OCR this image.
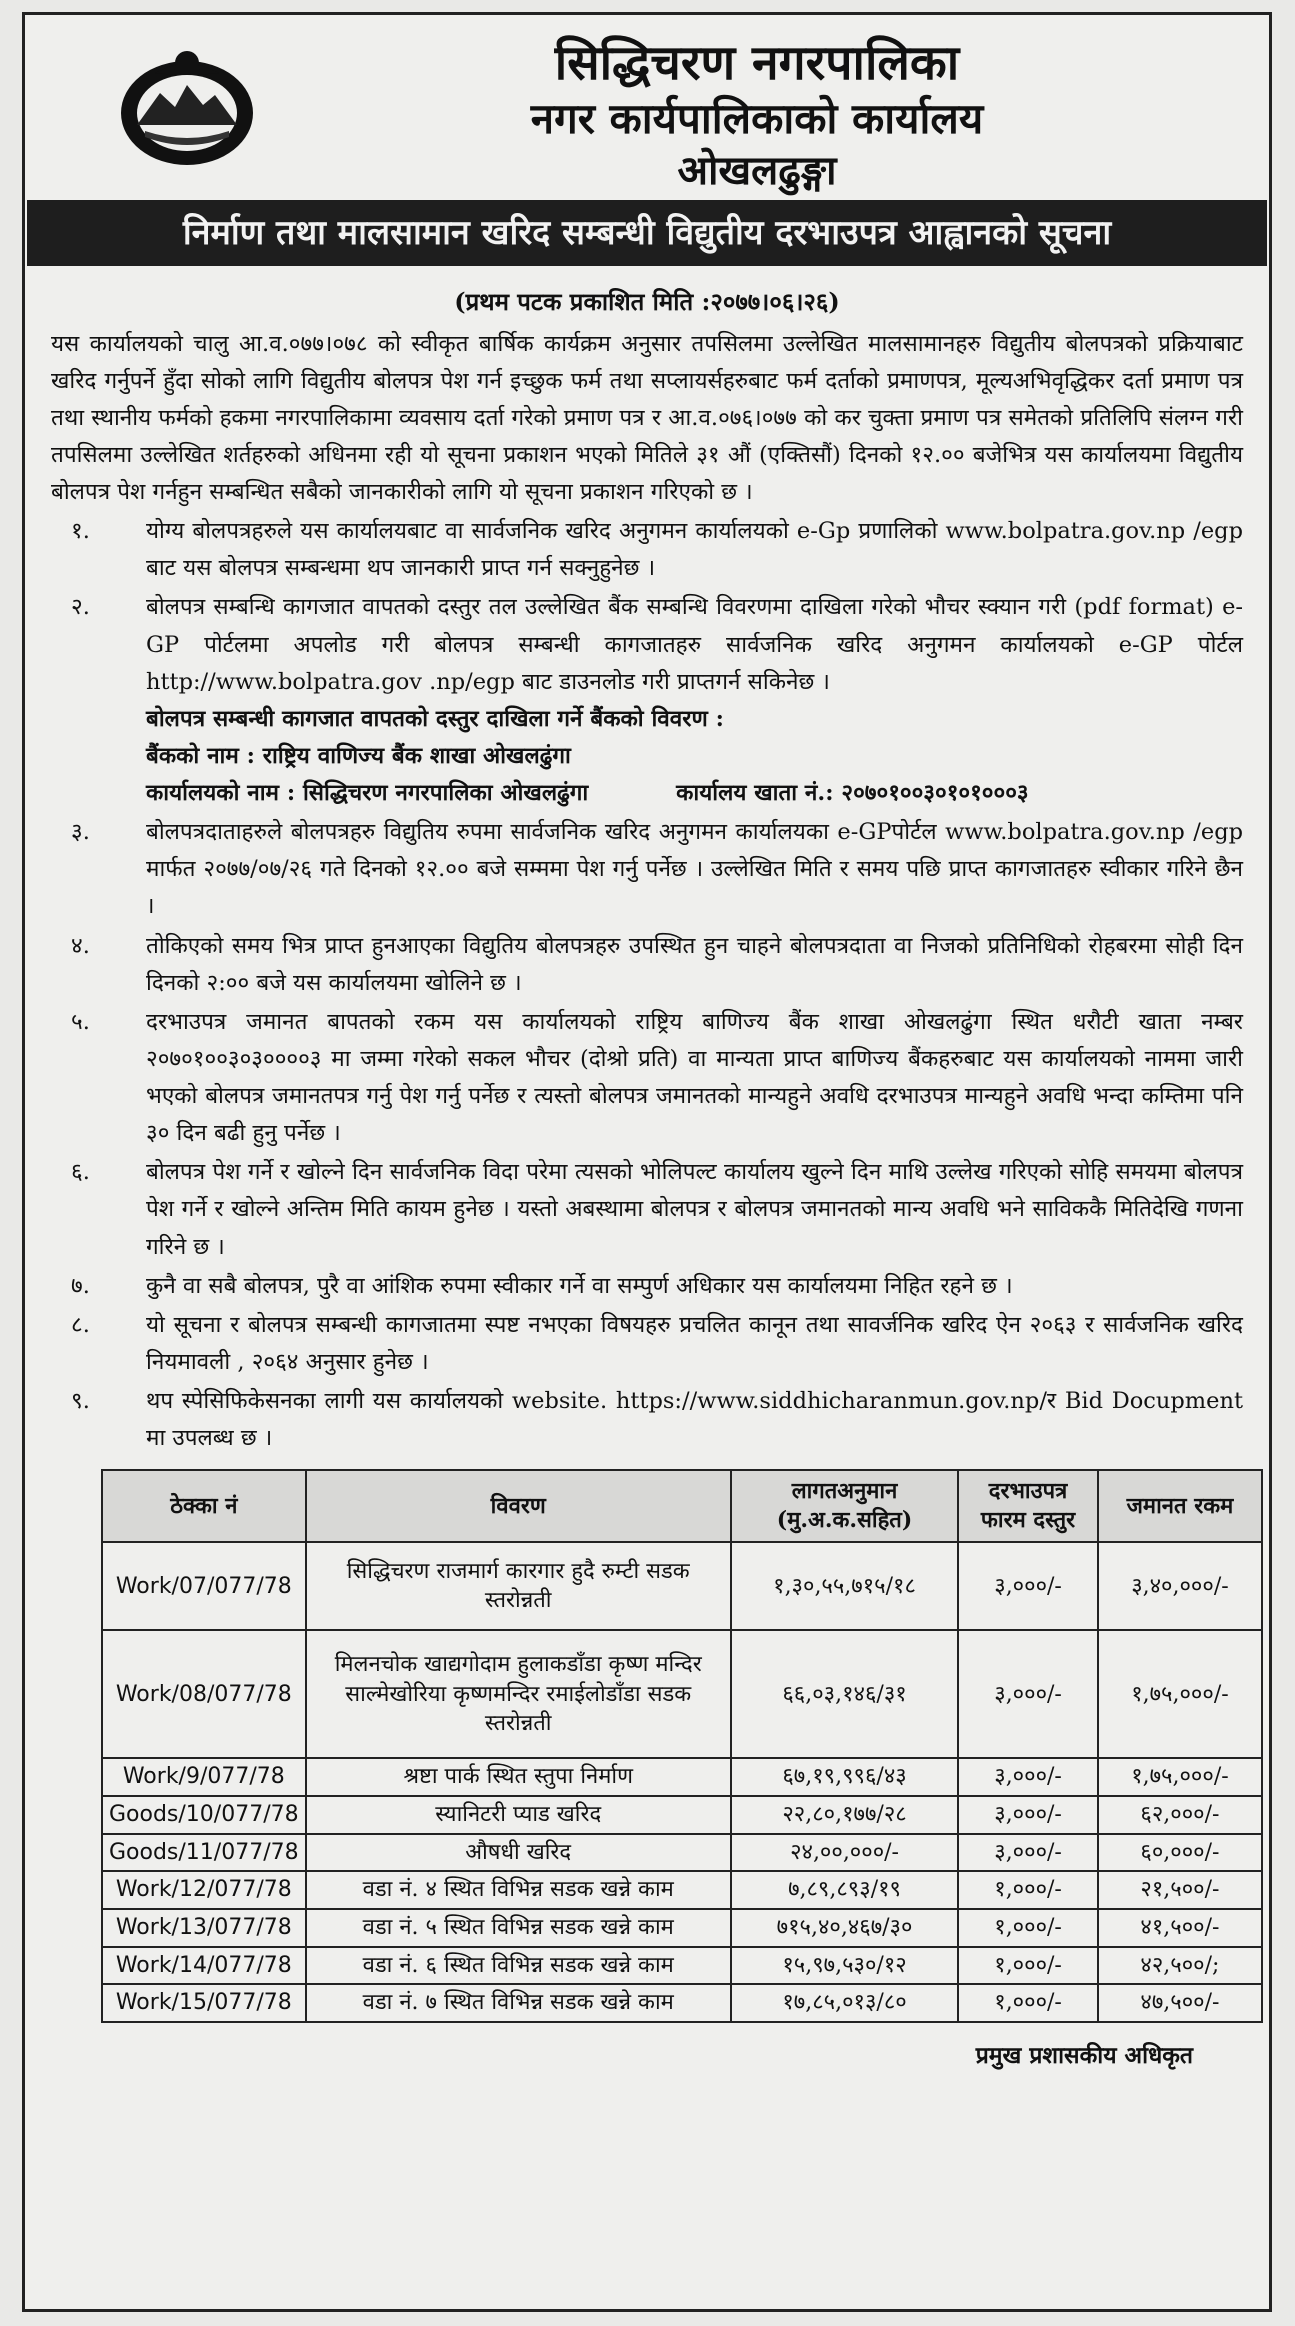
सिद्धिचरण नगरपालिका
नगर कार्यपालिकाको कार्यालय
ओखलढुङ्गा
निर्माण तथा मालसामान खरिद सम्बन्धी विद्युतीय दरभाउपत्र आह्वानको सूचना
(प्रथम पटक प्रकाशित मिति :२०७७।०६।२६)
यस कार्यालयको चालु आ.व.०७७।०७८ को स्वीकृत बार्षिक कार्यक्रम अनुसार तपसिलमा उल्लेखित मालसामानहरु विद्युतीय बोलपत्रको प्रक्रियाबाट खरिद गर्नुपर्ने हुँदा सोको लागि विद्युतीय बोलपत्र पेश गर्न इच्छुक फर्म तथा सप्लायर्सहरुबाट फर्म दर्ताको प्रमाणपत्र, मूल्यअभिवृद्धिकर दर्ता प्रमाण पत्र तथा स्थानीय फर्मको हकमा नगरपालिकामा व्यवसाय दर्ता गरेको प्रमाण पत्र र आ.व.०७६।०७७ को कर चुक्ता प्रमाण पत्र समेतको प्रतिलिपि संलग्न गरी तपसिलमा उल्लेखित शर्तहरुको अधिनमा रही यो सूचना प्रकाशन भएको मितिले ३१ औं (एक्तिसौं) दिनको १२.०० बजेभित्र यस कार्यालयमा विद्युतीय बोलपत्र पेश गर्नहुन सम्बन्धित सबैको जानकारीको लागि यो सूचना प्रकाशन गरिएको छ ।
१.	योग्य बोलपत्रहरुले यस कार्यालयबाट वा सार्वजनिक खरिद अनुगमन कार्यालयको e-Gp प्रणालिको www.bolpatra.gov.np /egp बाट यस बोलपत्र सम्बन्धमा थप जानकारी प्राप्त गर्न सक्नुहुनेछ ।
२.	बोलपत्र सम्बन्धि कागजात वापतको दस्तुर तल उल्लेखित बैंक सम्बन्धि विवरणमा दाखिला गरेको भौचर स्क्यान गरी (pdf format) e-GP पोर्टलमा अपलोड गरी बोलपत्र सम्बन्धी कागजातहरु सार्वजनिक खरिद अनुगमन कार्यालयको e-GP पोर्टल http://www.bolpatra.gov .np/egp बाट डाउनलोड गरी प्राप्तगर्न सकिनेछ ।
बोलपत्र सम्बन्धी कागजात वापतको दस्तुर दाखिला गर्ने बैंकको विवरण :
बैंकको नाम : राष्ट्रिय वाणिज्य बैंक शाखा ओखलढुंगा
कार्यालयको नाम : सिद्धिचरण नगरपालिका ओखलढुंगा	कार्यालय खाता नं.: २०७०१००३०१०१०००३
३.	बोलपत्रदाताहरुले बोलपत्रहरु विद्युतिय रुपमा सार्वजनिक खरिद अनुगमन कार्यालयका e-GPपोर्टल www.bolpatra.gov.np /egp मार्फत २०७७/०७/२६ गते दिनको १२.०० बजे सम्ममा पेश गर्नु पर्नेछ । उल्लेखित मिति र समय पछि प्राप्त कागजातहरु स्वीकार गरिने छैन ।
४.	तोकिएको समय भित्र प्राप्त हुनआएका विद्युतिय बोलपत्रहरु उपस्थित हुन चाहने बोलपत्रदाता वा निजको प्रतिनिधिको रोहबरमा सोही दिन दिनको २:०० बजे यस कार्यालयमा खोलिने छ ।
५.	दरभाउपत्र जमानत बापतको रकम यस कार्यालयको राष्ट्रिय बाणिज्य बैंक शाखा ओखलढुंगा स्थित धरौटी खाता नम्बर २०७०१००३०३००००३ मा जम्मा गरेको सकल भौचर (दोश्रो प्रति) वा मान्यता प्राप्त बाणिज्य बैंकहरुबाट यस कार्यालयको नाममा जारी भएको बोलपत्र जमानतपत्र गर्नु पेश गर्नु पर्नेछ र त्यस्तो बोलपत्र जमानतको मान्यहुने अवधि दरभाउपत्र मान्यहुने अवधि भन्दा कम्तिमा पनि ३० दिन बढी हुनु पर्नेछ ।
६.	बोलपत्र पेश गर्ने र खोल्ने दिन सार्वजनिक विदा परेमा त्यसको भोलिपल्ट कार्यालय खुल्ने दिन माथि उल्लेख गरिएको सोहि समयमा बोलपत्र पेश गर्ने र खोल्ने अन्तिम मिति कायम हुनेछ । यस्तो अबस्थामा बोलपत्र र बोलपत्र जमानतको मान्य अवधि भने साविककै मितिदेखि गणना गरिने छ ।
७.	कुनै वा सबै बोलपत्र, पुरै वा आंशिक रुपमा स्वीकार गर्ने वा सम्पुर्ण अधिकार यस कार्यालयमा निहित रहने छ ।
८.	यो सूचना र बोलपत्र सम्बन्धी कागजातमा स्पष्ट नभएका विषयहरु प्रचलित कानून तथा सावर्जनिक खरिद ऐन २०६३ र सार्वजनिक खरिद नियमावली , २०६४ अनुसार हुनेछ ।
९.	थप स्पेसिफिकेसनका लागी यस कार्यालयको website. https://www.siddhicharanmun.gov.np/र Bid Docupment मा उपलब्ध छ ।
ठेक्का नं	विवरण	लागतअनुमान (मु.अ.क.सहित)	दरभाउपत्र फारम दस्तुर	जमानत रकम
Work/07/077/78	सिद्धिचरण राजमार्ग कारगार हुदै रुम्टी सडक स्तरोन्नती	१,३०,५५,७१५/१८	३,०००/-	३,४०,०००/-
Work/08/077/78	मिलनचोक खाद्यगोदाम हुलाकडाँडा कृष्ण मन्दिर साल्मेखोरिया कृष्णमन्दिर रमाईलोडाँडा सडक स्तरोन्नती	६६,०३,१४६/३१	३,०००/-	१,७५,०००/-
Work/9/077/78	श्रष्टा पार्क स्थित स्तुपा निर्माण	६७,१९,९९६/४३	३,०००/-	१,७५,०००/-
Goods/10/077/78	स्यानिटरी प्याड खरिद	२२,८०,१७७/२८	३,०००/-	६२,०००/-
Goods/11/077/78	औषधी खरिद	२४,००,०००/-	३,०००/-	६०,०००/-
Work/12/077/78	वडा नं. ४ स्थित विभिन्न सडक खन्ने काम	७,८९,८९३/१९	१,०००/-	२१,५००/-
Work/13/077/78	वडा नं. ५ स्थित विभिन्न सडक खन्ने काम	७१५,४०,४६७/३०	१,०००/-	४१,५००/-
Work/14/077/78	वडा नं. ६ स्थित विभिन्न सडक खन्ने काम	१५,९७,५३०/१२	१,०००/-	४२,५००/;
Work/15/077/78	वडा नं. ७ स्थित विभिन्न सडक खन्ने काम	१७,८५,०१३/८०	१,०००/-	४७,५००/-
प्रमुख प्रशासकीय अधिकृत
